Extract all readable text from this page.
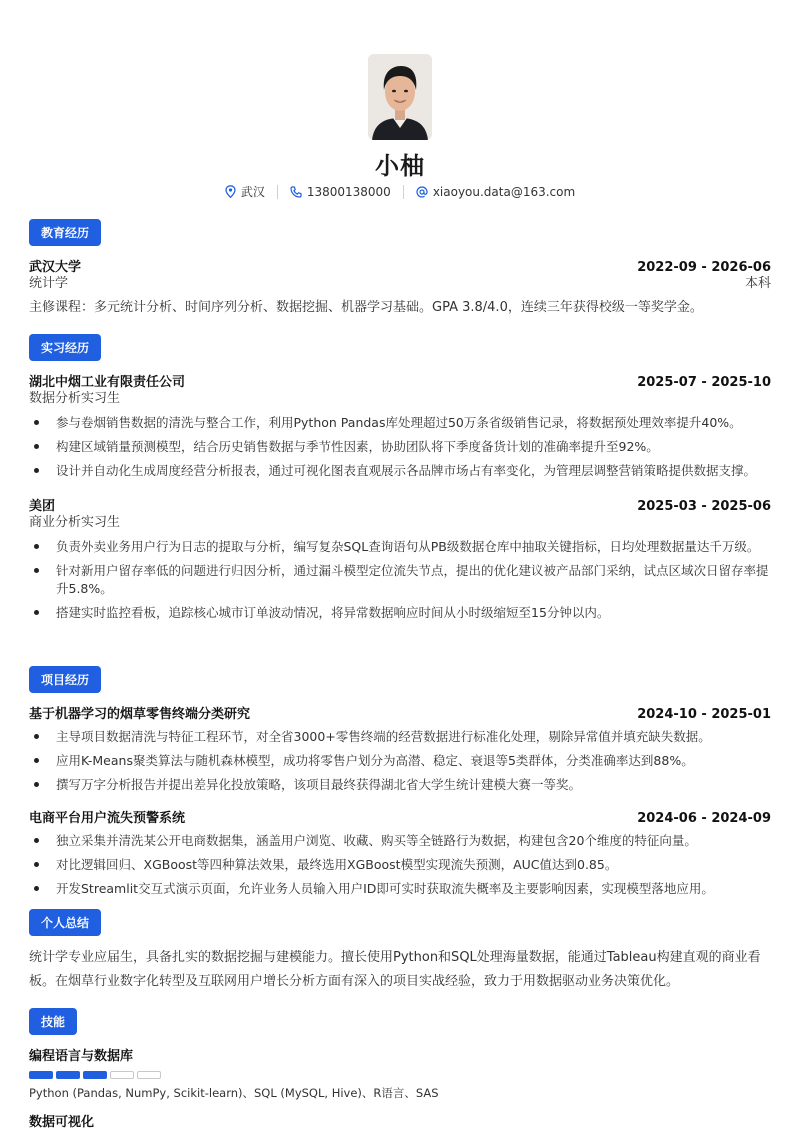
小柚
武汉	13800138000	xiaoyou.data@163.com
教育经历
武汉大学	2022-09 - 2026-06
统计学	本科
主修课程：多元统计分析、时间序列分析、数据挖掘、机器学习基础。GPA 3.8/4.0，连续三年获得校级一等奖学金。
实习经历
湖北中烟工业有限责任公司	2025-07 - 2025-10
数据分析实习生
参与卷烟销售数据的清洗与整合工作，利用Python Pandas库处理超过50万条省级销售记录，将数据预处理效率提升40%。
构建区域销量预测模型，结合历史销售数据与季节性因素，协助团队将下季度备货计划的准确率提升至92%。
设计并自动化生成周度经营分析报表，通过可视化图表直观展示各品牌市场占有率变化，为管理层调整营销策略提供数据支撑。
美团	2025-03 - 2025-06
商业分析实习生
负责外卖业务用户行为日志的提取与分析，编写复杂SQL查询语句从PB级数据仓库中抽取关键指标，日均处理数据量达千万级。
针对新用户留存率低的问题进行归因分析，通过漏斗模型定位流失节点，提出的优化建议被产品部门采纳，试点区域次日留存率提升5.8%。
搭建实时监控看板，追踪核心城市订单波动情况，将异常数据响应时间从小时级缩短至15分钟以内。
项目经历
基于机器学习的烟草零售终端分类研究	2024-10 - 2025-01
主导项目数据清洗与特征工程环节，对全省3000+零售终端的经营数据进行标准化处理，剔除异常值并填充缺失数据。
应用K-Means聚类算法与随机森林模型，成功将零售户划分为高潜、稳定、衰退等5类群体，分类准确率达到88%。
撰写万字分析报告并提出差异化投放策略，该项目最终获得湖北省大学生统计建模大赛一等奖。
电商平台用户流失预警系统	2024-06 - 2024-09
独立采集并清洗某公开电商数据集，涵盖用户浏览、收藏、购买等全链路行为数据，构建包含20个维度的特征向量。
对比逻辑回归、XGBoost等四种算法效果，最终选用XGBoost模型实现流失预测，AUC值达到0.85。
开发Streamlit交互式演示页面，允许业务人员输入用户ID即可实时获取流失概率及主要影响因素，实现模型落地应用。
个人总结
统计学专业应届生，具备扎实的数据挖掘与建模能力。擅长使用Python和SQL处理海量数据，能通过Tableau构建直观的商业看板。在烟草行业数字化转型及互联网用户增长分析方面有深入的项目实战经验，致力于用数据驱动业务决策优化。
技能
编程语言与数据库
Python (Pandas, NumPy, Scikit-learn)、SQL (MySQL, Hive)、R语言、SAS
数据可视化
